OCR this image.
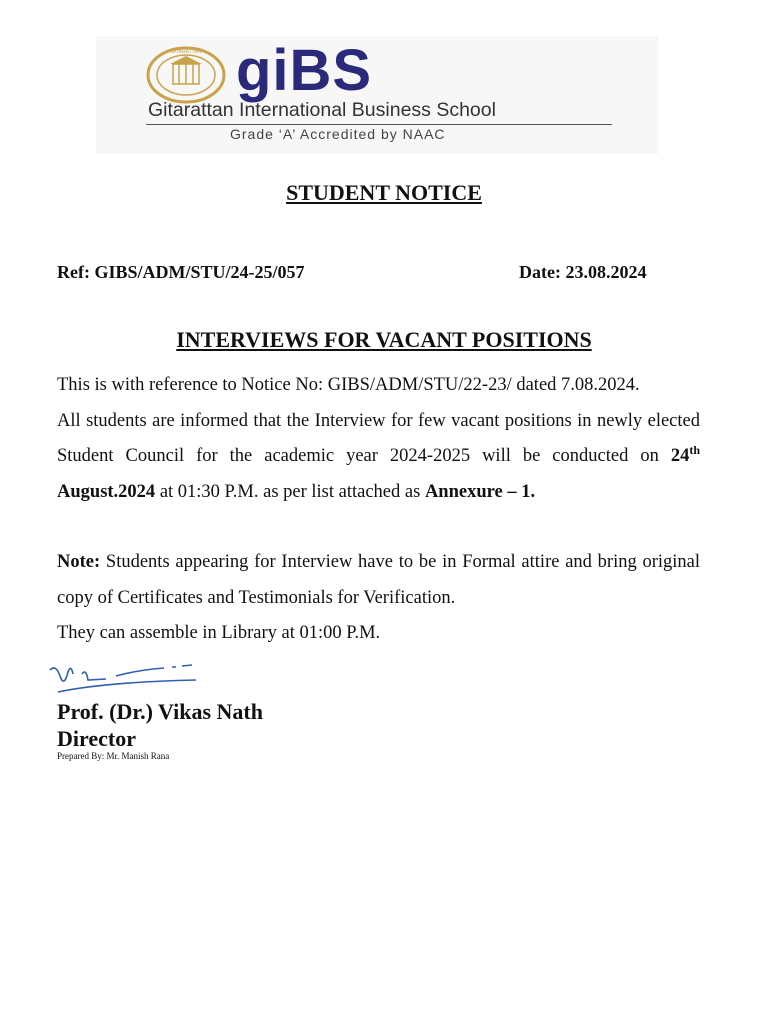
GITARATTAN giBS
Gitarattan International Business School
Grade ‘A’ Accredited by NAAC
STUDENT NOTICE
Ref: GIBS/ADM/STU/24-25/057	Date: 23.08.2024
INTERVIEWS FOR VACANT POSITIONS

This is with reference to Notice No: GIBS/ADM/STU/22-23/ dated 7.08.2024.

All students are informed that the Interview for few vacant positions in newly elected Student Council for the academic year 2024-2025 will be conducted on 24th August.2024 at 01:30 P.M. as per list attached as Annexure – 1.

Note: Students appearing for Interview have to be in Formal attire and bring original copy of Certificates and Testimonials for Verification.

They can assemble in Library at 01:00 P.M.

Prof. (Dr.) Vikas Nath
Director
Prepared By: Mr. Manish Rana
